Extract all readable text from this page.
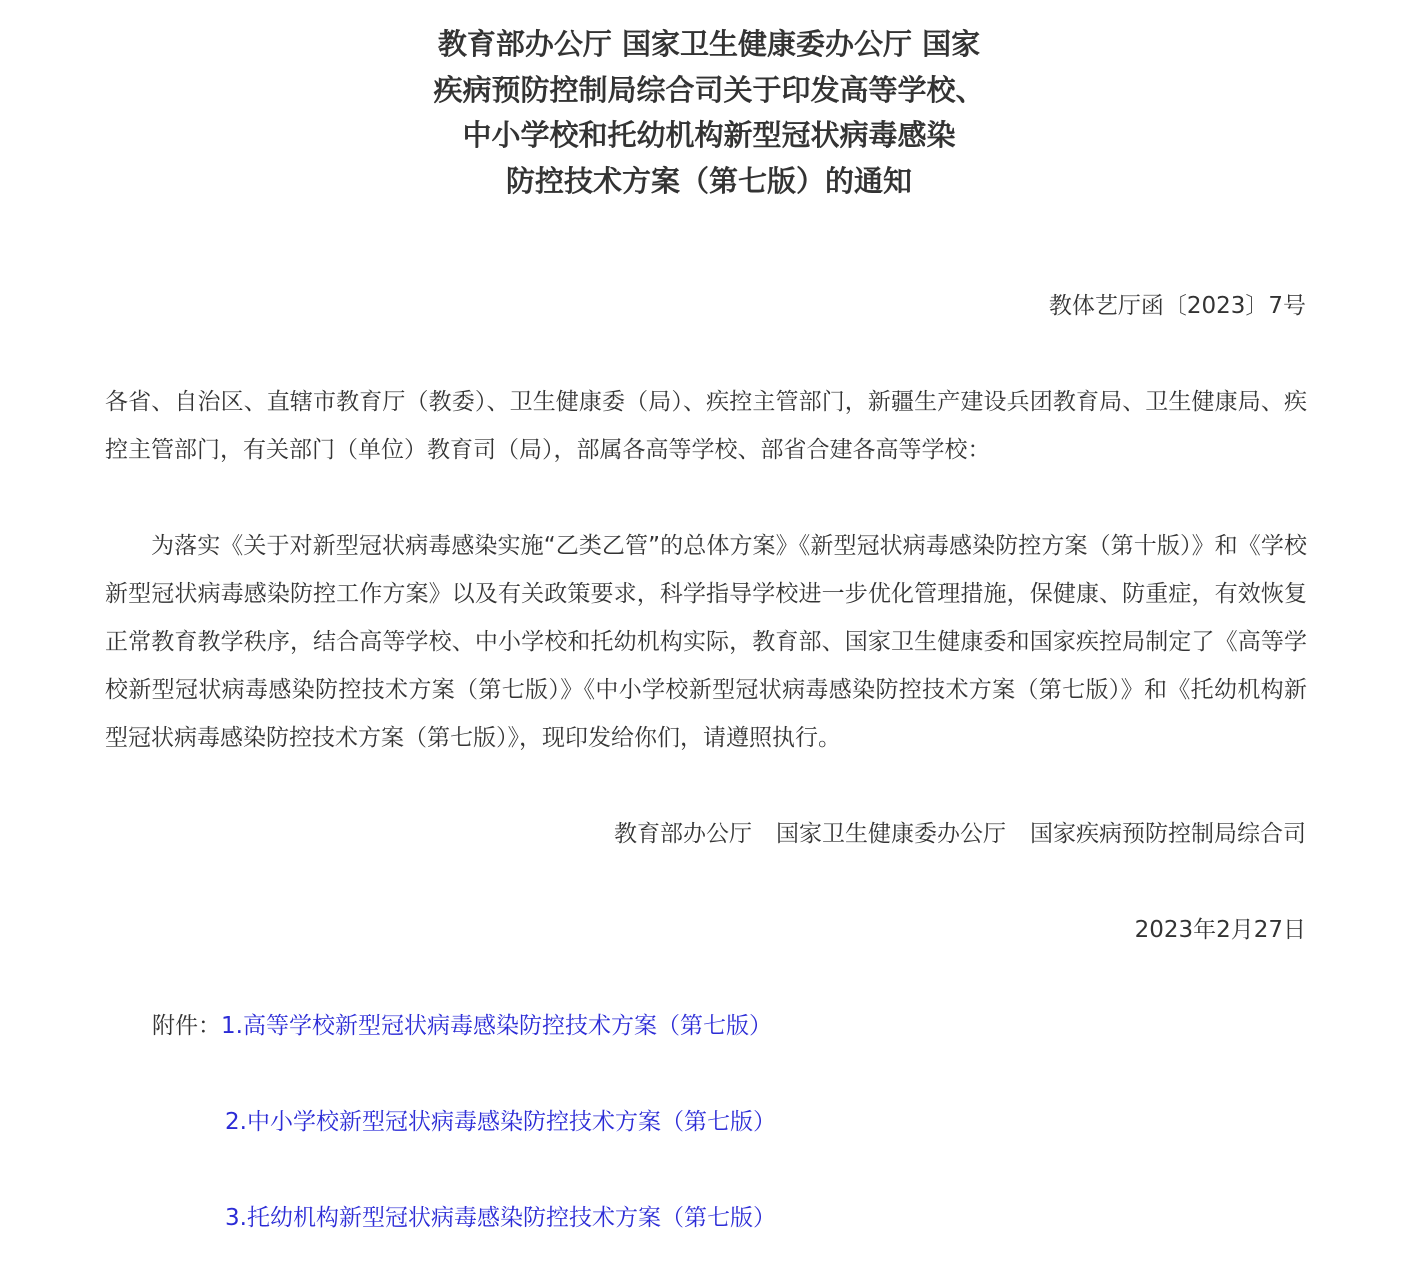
教育部办公厅 国家卫生健康委办公厅 国家
疾病预防控制局综合司关于印发高等学校、
中小学校和托幼机构新型冠状病毒感染
防控技术方案（第七版）的通知
教体艺厅函〔2023〕7号

各省、自治区、直辖市教育厅（教委）、卫生健康委（局）、疾控主管部门，新疆生产建设兵团教育局、卫生健康局、疾控主管部门，有关部门（单位）教育司（局），部属各高等学校、部省合建各高等学校：

为落实《关于对新型冠状病毒感染实施“乙类乙管”的总体方案》《新型冠状病毒感染防控方案（第十版）》和《学校新型冠状病毒感染防控工作方案》以及有关政策要求，科学指导学校进一步优化管理措施，保健康、防重症，有效恢复正常教育教学秩序，结合高等学校、中小学校和托幼机构实际，教育部、国家卫生健康委和国家疾控局制定了《高等学校新型冠状病毒感染防控技术方案（第七版）》《中小学校新型冠状病毒感染防控技术方案（第七版）》和《托幼机构新型冠状病毒感染防控技术方案（第七版）》，现印发给你们，请遵照执行。

教育部办公厅 国家卫生健康委办公厅 国家疾病预防控制局综合司
2023年2月27日
附件：1.高等学校新型冠状病毒感染防控技术方案（第七版）
2.中小学校新型冠状病毒感染防控技术方案（第七版）
3.托幼机构新型冠状病毒感染防控技术方案（第七版）
